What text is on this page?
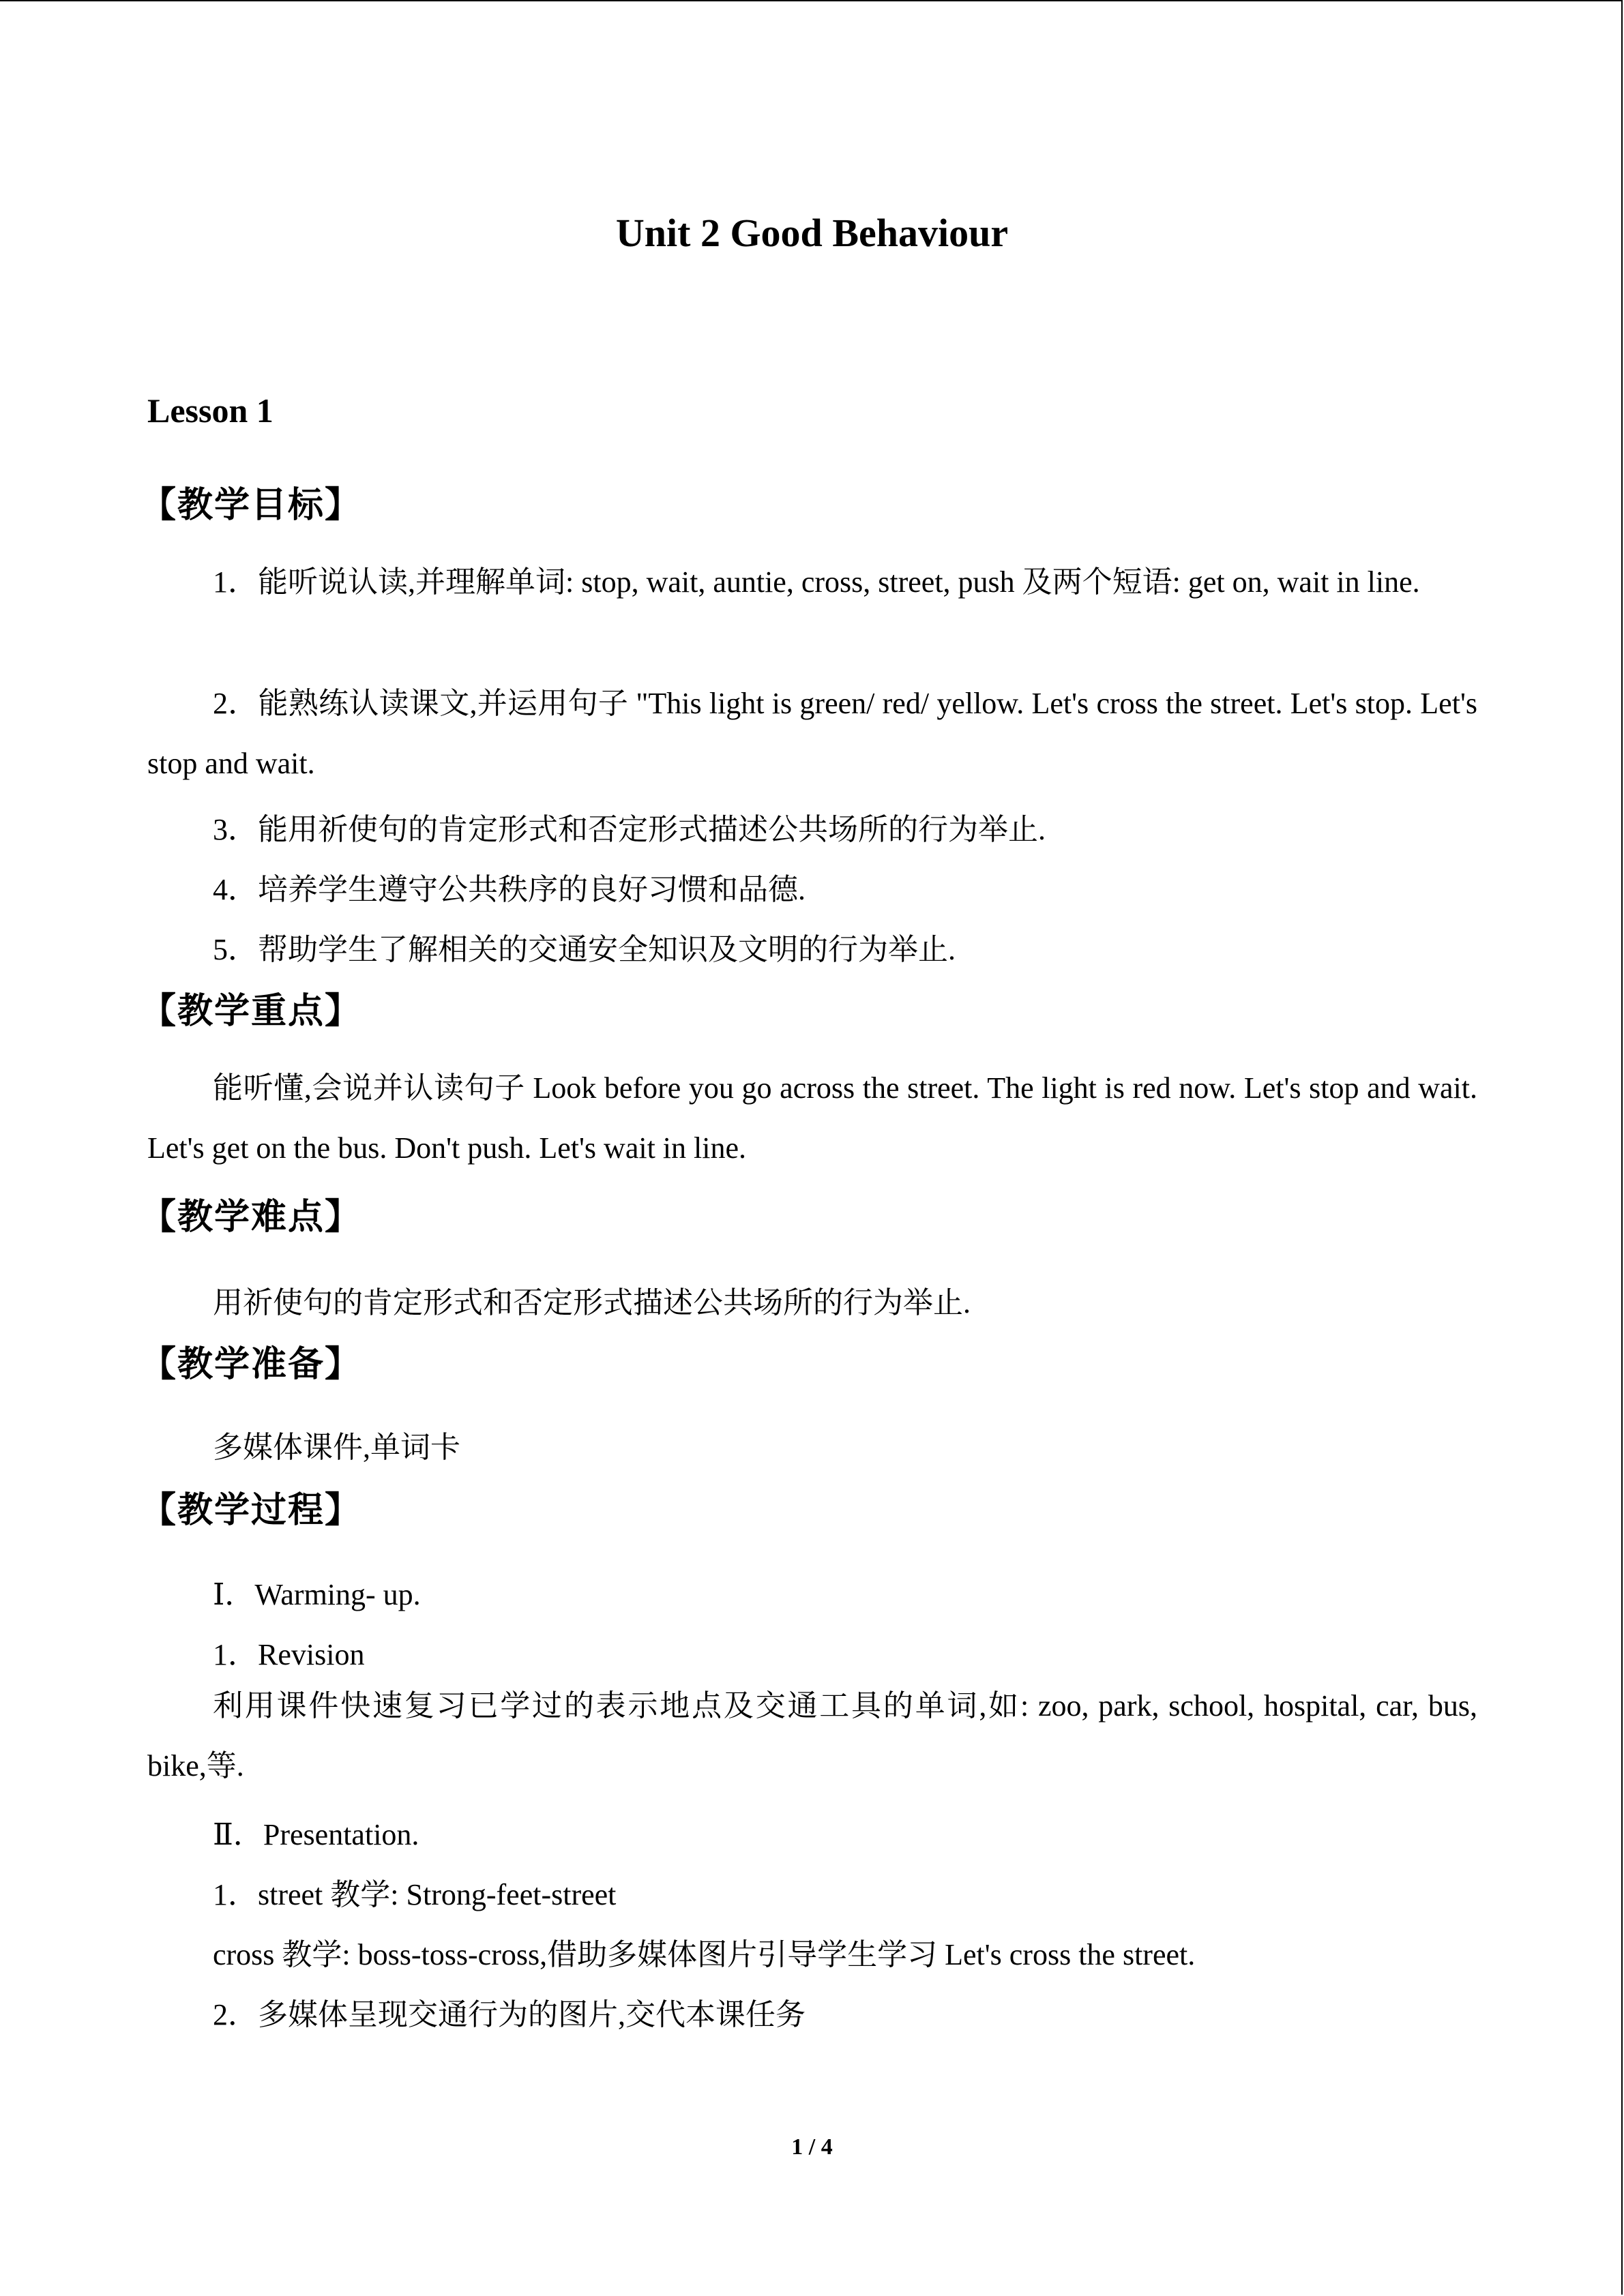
Unit 2 Good Behaviour
Lesson 1
【教学目标】
1．能听说认读,并理解单词: stop, wait, auntie, cross, street, push 及两个短语: get on, wait in line.
2．能熟练认读课文,并运用句子 "This light is green/ red/ yellow. Let's cross the street. Let's stop. Let's stop and wait.
3．能用祈使句的肯定形式和否定形式描述公共场所的行为举止.
4．培养学生遵守公共秩序的良好习惯和品德.
5．帮助学生了解相关的交通安全知识及文明的行为举止.
【教学重点】
能听懂,会说并认读句子 Look before you go across the street. The light is red now. Let's stop and wait. Let's get on the bus. Don't push. Let's wait in line.
【教学难点】
用祈使句的肯定形式和否定形式描述公共场所的行为举止.
【教学准备】
多媒体课件,单词卡
【教学过程】
Ⅰ．Warming- up.
1．Revision
利用课件快速复习已学过的表示地点及交通工具的单词,如: zoo, park, school, hospital, car, bus, bike,等.
Ⅱ．Presentation.
1．street 教学: Strong-feet-street
cross 教学: boss-toss-cross,借助多媒体图片引导学生学习 Let's cross the street.
2．多媒体呈现交通行为的图片,交代本课任务
1 / 4
